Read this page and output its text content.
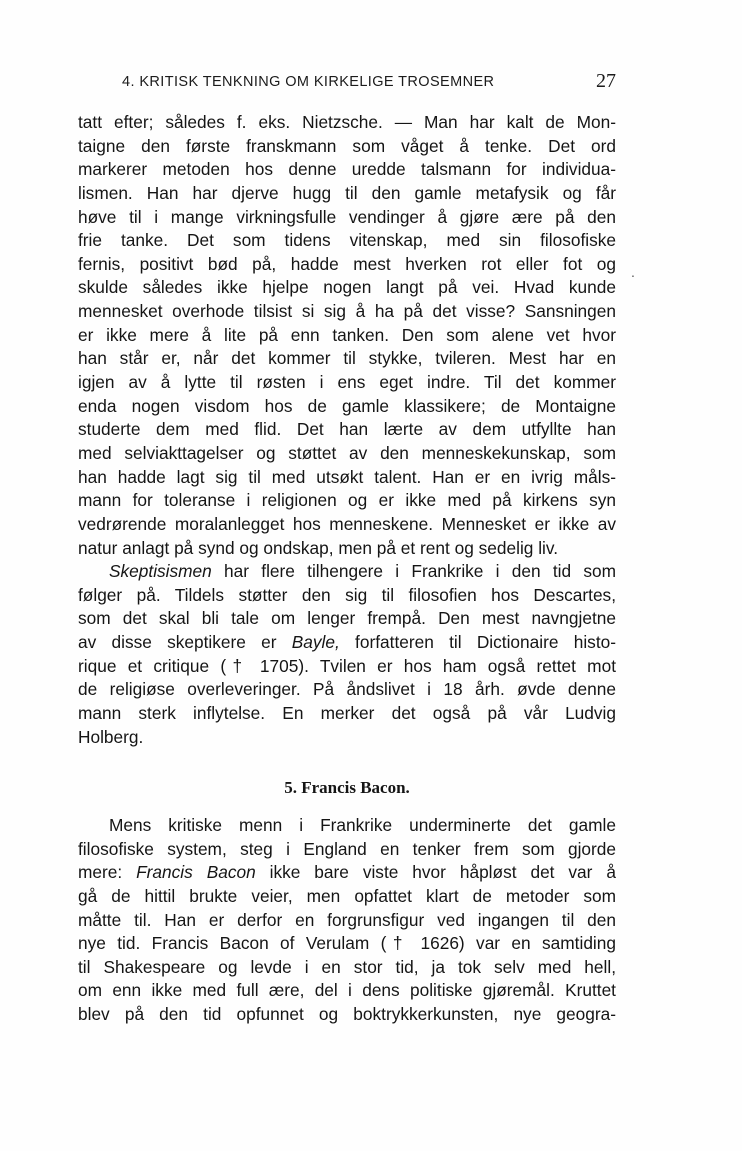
4. KRITISK TENKNING OM KIRKELIGE TROSEMNER	27
tatt efter; således f. eks. Nietzsche. — Man har kalt de Mon-
taigne den første franskmann som våget å tenke. Det ord
markerer metoden hos denne uredde talsmann for individua-
lismen. Han har djerve hugg til den gamle metafysik og får
høve til i mange virkningsfulle vendinger å gjøre ære på den
frie tanke. Det som tidens vitenskap, med sin filosofiske
fernis, positivt bød på, hadde mest hverken rot eller fot og
skulde således ikke hjelpe nogen langt på vei. Hvad kunde
mennesket overhode tilsist si sig å ha på det visse? Sansningen
er ikke mere å lite på enn tanken. Den som alene vet hvor
han står er, når det kommer til stykke, tvileren. Mest har en
igjen av å lytte til røsten i ens eget indre. Til det kommer
enda nogen visdom hos de gamle klassikere; de Montaigne
studerte dem med flid. Det han lærte av dem utfyllte han
med selviakttagelser og støttet av den menneskekunskap, som
han hadde lagt sig til med utsøkt talent. Han er en ivrig måls-
mann for toleranse i religionen og er ikke med på kirkens syn
vedrørende moralanlegget hos menneskene. Mennesket er ikke av
natur anlagt på synd og ondskap, men på et rent og sedelig liv.
Skeptisismen har flere tilhengere i Frankrike i den tid som
følger på. Tildels støtter den sig til filosofien hos Descartes,
som det skal bli tale om lenger frempå. Den mest navngjetne
av disse skeptikere er Bayle, forfatteren til Dictionaire histo-
rique et critique († 1705). Tvilen er hos ham også rettet mot
de religiøse overleveringer. På åndslivet i 18 årh. øvde denne
mann sterk inflytelse. En merker det også på vår Ludvig
Holberg.
5. Francis Bacon.
Mens kritiske menn i Frankrike underminerte det gamle
filosofiske system, steg i England en tenker frem som gjorde
mere: Francis Bacon ikke bare viste hvor håpløst det var å
gå de hittil brukte veier, men opfattet klart de metoder som
måtte til. Han er derfor en forgrunsfigur ved ingangen til den
nye tid. Francis Bacon of Verulam († 1626) var en samtiding
til Shakespeare og levde i en stor tid, ja tok selv med hell,
om enn ikke med full ære, del i dens politiske gjøremål. Kruttet
blev på den tid opfunnet og boktrykkerkunsten, nye geogra-
.
